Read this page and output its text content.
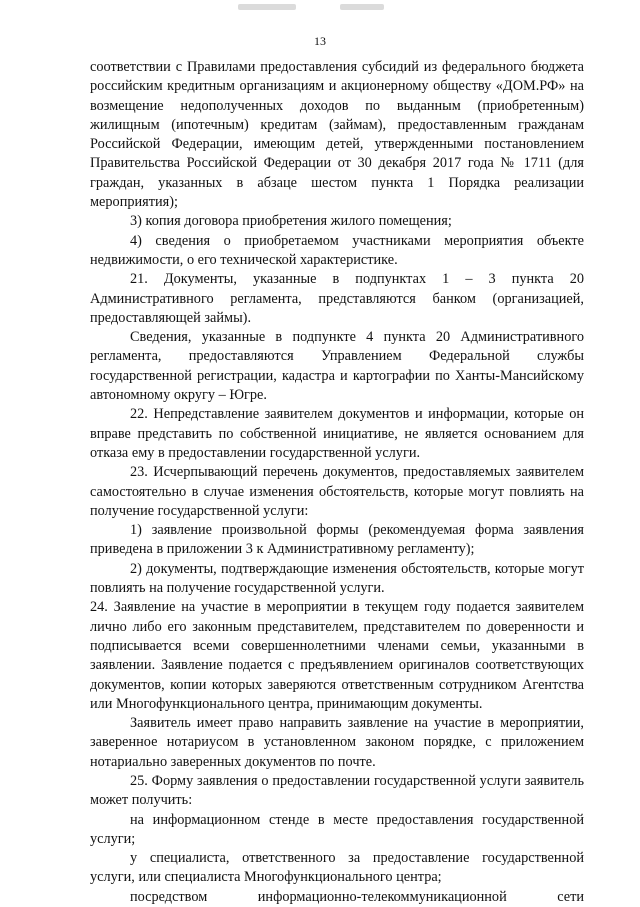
13

соответствии с Правилами предоставления субсидий из федерального бюджета российским кредитным организациям и акционерному обществу «ДОМ.РФ» на возмещение недополученных доходов по выданным (приобретенным) жилищным (ипотечным) кредитам (займам), предоставленным гражданам Российской Федерации, имеющим детей, утвержденными постановлением Правительства Российской Федерации от 30 декабря 2017 года № 1711 (для граждан, указанных в абзаце шестом пункта 1 Порядка реализации мероприятия);

3) копия договора приобретения жилого помещения;

4) сведения о приобретаемом участниками мероприятия объекте недвижимости, о его технической характеристике.

21. Документы, указанные в подпунктах 1 – 3 пункта 20 Административного регламента, представляются банком (организацией, предоставляющей займы).

Сведения, указанные в подпункте 4 пункта 20 Административного регламента, предоставляются Управлением Федеральной службы государственной регистрации, кадастра и картографии по Ханты-Мансийскому автономному округу – Югре.

22. Непредставление заявителем документов и информации, которые он вправе представить по собственной инициативе, не является основанием для отказа ему в предоставлении государственной услуги.

23. Исчерпывающий перечень документов, предоставляемых заявителем самостоятельно в случае изменения обстоятельств, которые могут повлиять на получение государственной услуги:

1) заявление произвольной формы (рекомендуемая форма заявления приведена в приложении 3 к Административному регламенту);

2) документы, подтверждающие изменения обстоятельств, которые могут повлиять на получение государственной услуги.

24. Заявление на участие в мероприятии в текущем году подается заявителем лично либо его законным представителем, представителем по доверенности и подписывается всеми совершеннолетними членами семьи, указанными в заявлении. Заявление подается с предъявлением оригиналов соответствующих документов, копии которых заверяются ответственным сотрудником Агентства или Многофункционального центра, принимающим документы.

Заявитель имеет право направить заявление на участие в мероприятии, заверенное нотариусом в установленном законом порядке, с приложением нотариально заверенных документов по почте.

25. Форму заявления о предоставлении государственной услуги заявитель может получить:

на информационном стенде в месте предоставления государственной услуги;

у специалиста, ответственного за предоставление государственной услуги, или специалиста Многофункционального центра;

посредством информационно-телекоммуникационной сети
